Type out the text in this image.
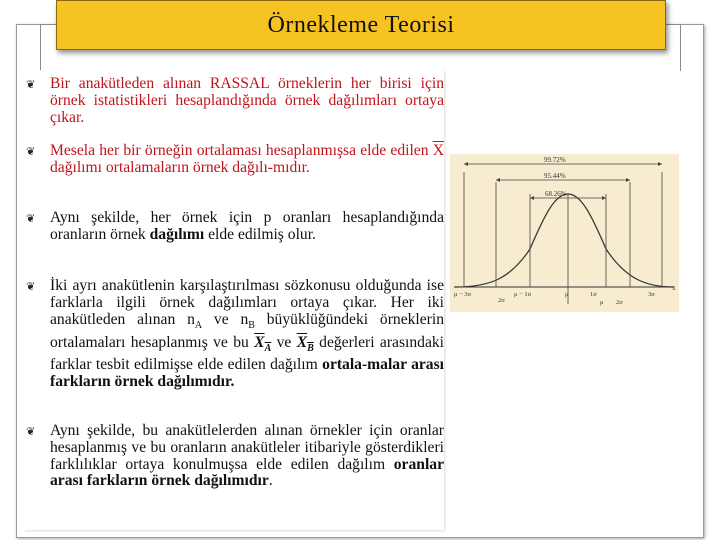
Örnekleme Teorisi
❦ Bir anakütleden alınan RASSAL örneklerin her birisi için örnek istatistikleri hesaplandığında örnek dağılımları ortaya çıkar.
❦ Mesela her bir örneğin ortalaması hesaplanmışsa elde edilen $\overline{X}$ dağılımı ortalamaların örnek dağılı-mıdır.
❦ Aynı şekilde, her örnek için p oranları hesaplandığında oranların örnek dağılımı elde edilmiş olur.
❦ İki ayrı anakütlenin karşılaştırılması sözkonusu olduğunda ise farklarla ilgili örnek dağılımları ortaya çıkar. Her iki anakütleden alınan $n_A$ ve $n_B$ büyüklüğündeki örneklerin ortalamaları hesaplanmış ve bu $X_A$ ve $X_B$ değerleri arasındaki farklar tesbit edilmişse elde edilen dağılım ortala-malar arası farkların örnek dağılımıdır.
❦ Aynı şekilde, bu anakütlelerden alınan örnekler için oranlar hesaplanmış ve bu oranların anakütleler itibariyle gösterdikleri farklılıklar ortaya konulmuşsa elde edilen dağılım oranlar arası farkların örnek dağılımıdır.
x
99.72%
95.44%
68.26%
μ − 3σ
2σ
μ − 1σ	μ	1σ
μ 2σ
3σ
